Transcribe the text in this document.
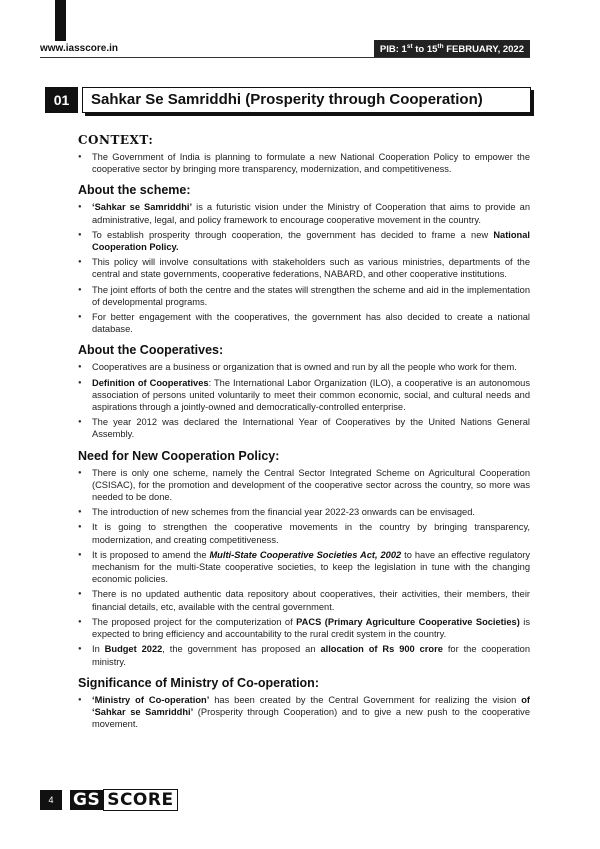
www.iasscore.in	PIB: 1st to 15th FEBRUARY, 2022
01	Sahkar Se Samriddhi (Prosperity through Cooperation)
CONTEXT:
● The Government of India is planning to formulate a new National Cooperation Policy to empower the cooperative sector by bringing more transparency, modernization, and competitiveness.
About the scheme:
● ‘Sahkar se Samriddhi’ is a futuristic vision under the Ministry of Cooperation that aims to provide an administrative, legal, and policy framework to encourage cooperative movement in the country.
● To establish prosperity through cooperation, the government has decided to frame a new National Cooperation Policy.
● This policy will involve consultations with stakeholders such as various ministries, departments of the central and state governments, cooperative federations, NABARD, and other cooperative institutions.
● The joint efforts of both the centre and the states will strengthen the scheme and aid in the implementation of developmental programs.
● For better engagement with the cooperatives, the government has also decided to create a national database.
About the Cooperatives:
● Cooperatives are a business or organization that is owned and run by all the people who work for them.
● Definition of Cooperatives: The International Labor Organization (ILO), a cooperative is an autonomous association of persons united voluntarily to meet their common economic, social, and cultural needs and aspirations through a jointly-owned and democratically-controlled enterprise.
● The year 2012 was declared the International Year of Cooperatives by the United Nations General Assembly.
Need for New Cooperation Policy:
● There is only one scheme, namely the Central Sector Integrated Scheme on Agricultural Cooperation (CSISAC), for the promotion and development of the cooperative sector across the country, so more was needed to be done.
● The introduction of new schemes from the financial year 2022-23 onwards can be envisaged.
● It is going to strengthen the cooperative movements in the country by bringing transparency, modernization, and creating competitiveness.
● It is proposed to amend the Multi-State Cooperative Societies Act, 2002 to have an effective regulatory mechanism for the multi-State cooperative societies, to keep the legislation in tune with the changing economic policies.
● There is no updated authentic data repository about cooperatives, their activities, their members, their financial details, etc, available with the central government.
● The proposed project for the computerization of PACS (Primary Agriculture Cooperative Societies) is expected to bring efficiency and accountability to the rural credit system in the country.
● In Budget 2022, the government has proposed an allocation of Rs 900 crore for the cooperation ministry.
Significance of Ministry of Co-operation:
● ‘Ministry of Co-operation’ has been created by the Central Government for realizing the vision of ‘Sahkar se Samriddhi’ (Prosperity through Cooperation) and to give a new push to the cooperative movement.
4	GS SCORE
